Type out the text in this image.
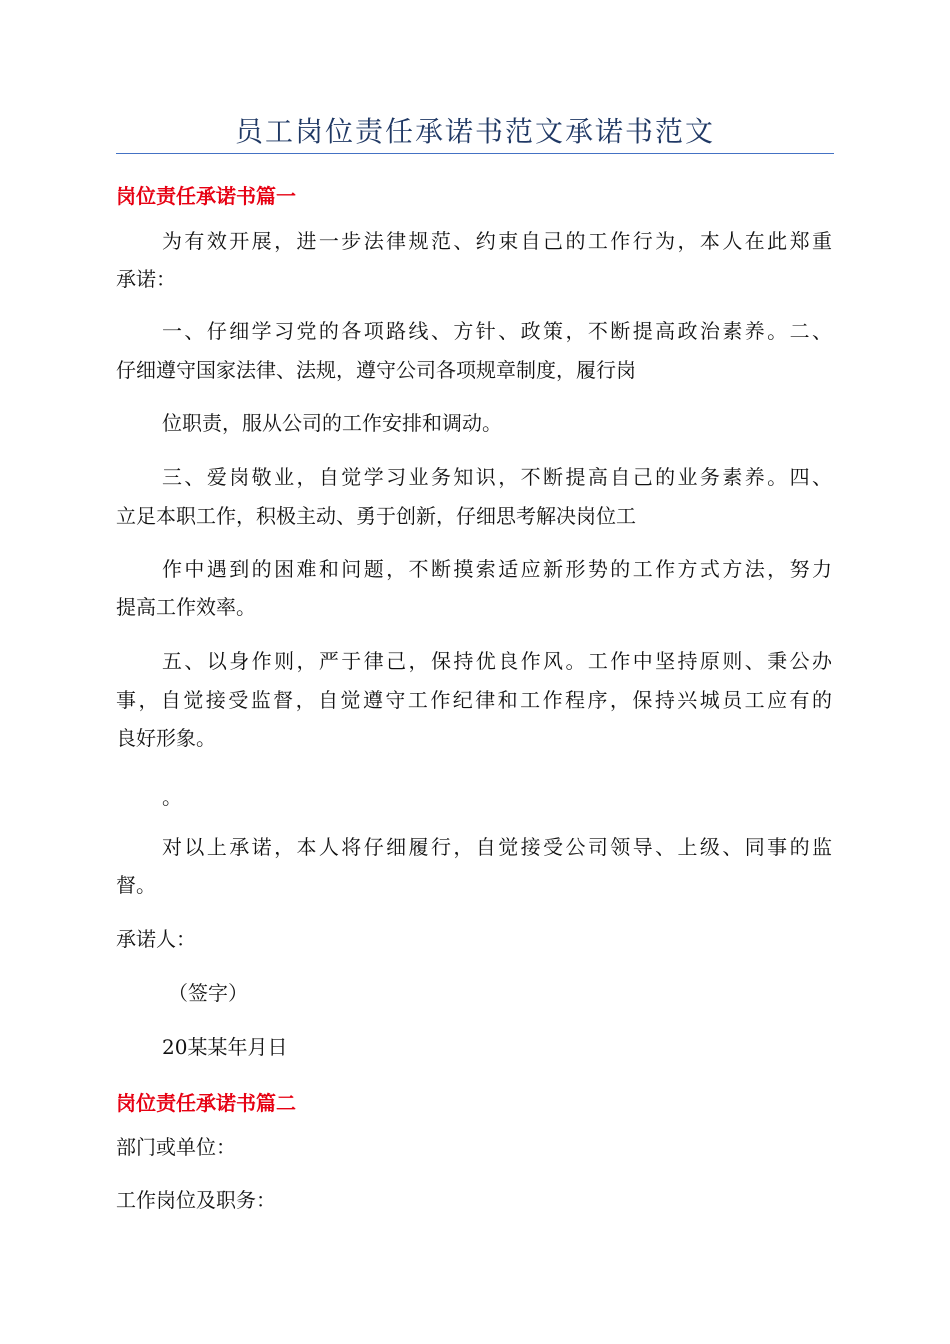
员工岗位责任承诺书范文承诺书范文
岗位责任承诺书篇一
为有效开展，进一步法律规范、约束自己的工作行为，本人在此郑重
承诺：
一、仔细学习党的各项路线、方针、政策，不断提高政治素养。二、
仔细遵守国家法律、法规，遵守公司各项规章制度，履行岗
位职责，服从公司的工作安排和调动。
三、爱岗敬业，自觉学习业务知识，不断提高自己的业务素养。四、
立足本职工作，积极主动、勇于创新，仔细思考解决岗位工
作中遇到的困难和问题，不断摸索适应新形势的工作方式方法，努力
提高工作效率。
五、以身作则，严于律己，保持优良作风。工作中坚持原则、秉公办
事，自觉接受监督，自觉遵守工作纪律和工作程序，保持兴城员工应有的
良好形象。
。
对以上承诺，本人将仔细履行，自觉接受公司领导、上级、同事的监
督。
承诺人：
（签字）
20某某年月日
岗位责任承诺书篇二
部门或单位：
工作岗位及职务：
